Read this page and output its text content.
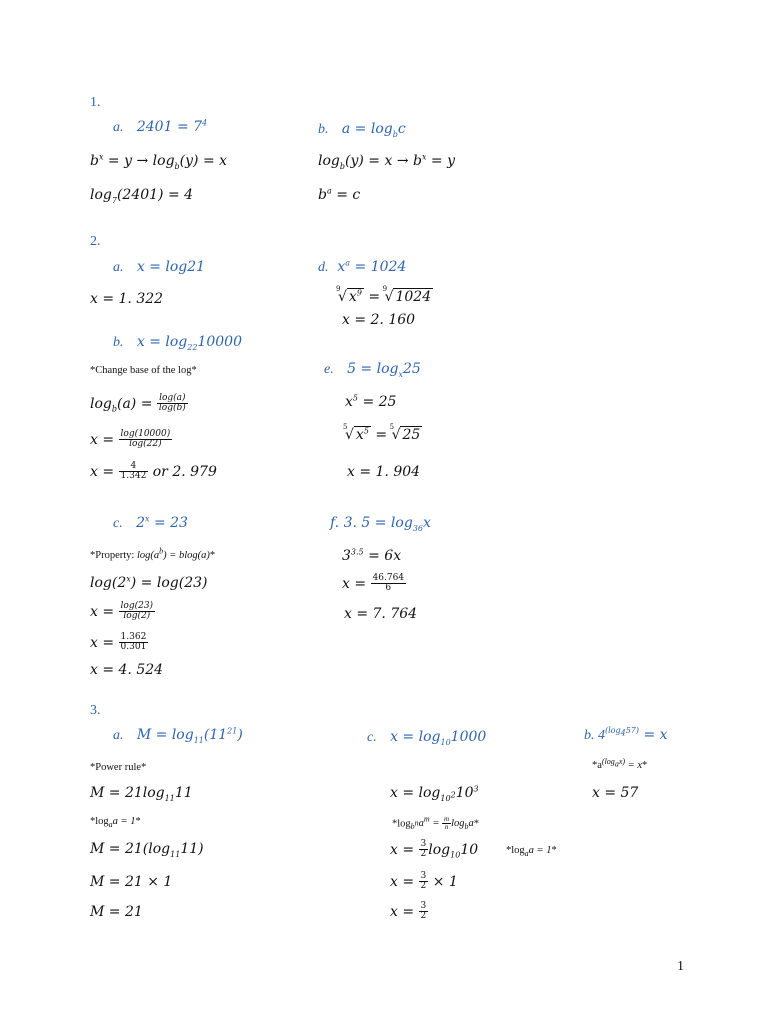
1.
a. $2401 = 7^4$	b. $a = \log_bc$
$b^x = y \to \log_b(y) = x$	$\log_b(y) = x \to b^x = y$
$\log_7(2401) = 4$	$b^a = c$
2.
a. x = log21	d.  $x^a = 1024$
x = 1. 322
9
√ $x^9$ =
9
√ 1024
x = 2. 160
b. $x = \log_{22}10000$
*Change base of the log*	e. $5 = \log_x25$
$\log_b(a) = \frac{\log(a)}{\log(b)}$	$x^5 = 25$
$x = \frac{\log(10000)}{\log(22)}$
5
√ $x^5$ =
5
√ 25
$x = \frac{4}{1.342}$ or 2. 979	x = 1. 904
c.   $2^x = 23$	f. 3. $5 = \log_{36}x$
*Property: $\log(a^b) = blog(a)*$	$3^{3.5} = 6x$
$\log(2^x) = \log(23)$	$x = \frac{46.764}{6}$
$x = \frac{\log(23)}{\log(2)}$	x = 7. 764
$x = \frac{1.362}{0.301}$
x = 4. 524
3.
a. $M = \log_{11}(11^{21})$	c. $x = \log_{10}1000$	b. $4^{(log_457)} = x$
*Power rule*	$*a^{(log_ax)} = x*$
$M = 21\log_{11}11$	$x = \log_{10^2}10^3$	x = 57
$*\log_aa = 1*$	$*\log_{b^n}a^m = \frac{m}{n} \log_ba*$
$M = 21(\log_{11}11)$	$x = \frac{3}{2} \log_{10}10$	$*\log_aa = 1*$
M = 21 × 1	$x = \frac{3}{2} \times 1$
M = 21	$x = \frac{3}{2}$
1
